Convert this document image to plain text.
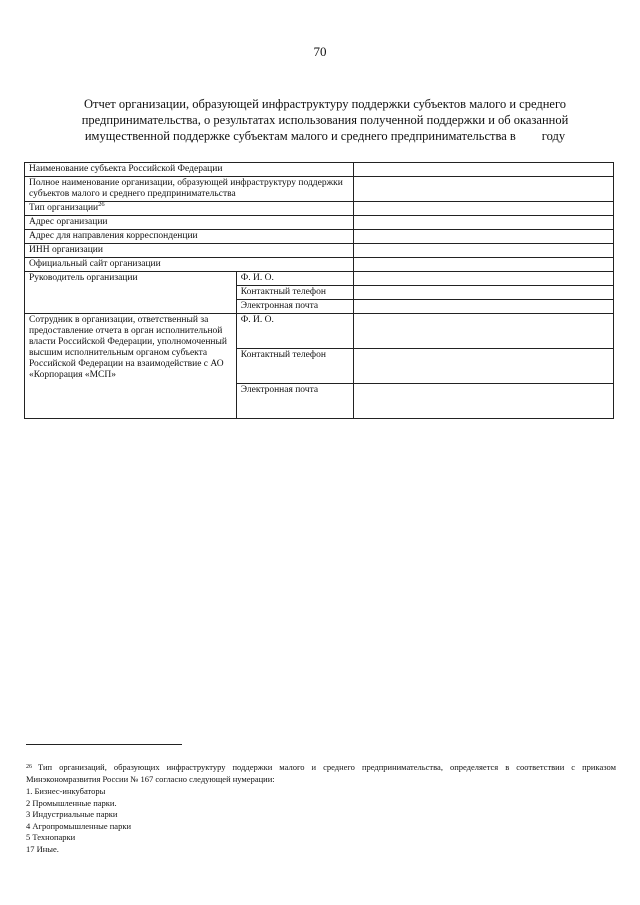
70
Отчет организации, образующей инфраструктуру поддержки субъектов малого и среднего
предпринимательства, о результатах использования полученной поддержки и об оказанной
имущественной поддержке субъектам малого и среднего предпринимательства в году
Наименование субъекта Российской Федерации		
Полное наименование организации, образующей инфраструктуру поддержки субъектов малого и среднего предпринимательства		
Тип организации$^{26}$	
Адрес организации		
Адрес для направления корреспонденции		
ИНН организации		
Официальный сайт организации		
Руководитель организации	Ф. И. О.	
	Контактный телефон	
	Электронная почта	
Сотрудник в организации, ответственный за предоставление отчета в орган исполнительной власти Российской Федерации, уполномоченный высшим исполнительным органом субъекта Российской Федерации на взаимодействие с АО «Корпорация «МСП»	Ф. И. О.	
	Контактный телефон	
	Электронная почта	
$^{26}$ Тип организаций, образующих инфраструктуру поддержки малого и среднего предпринимательства, определяется в соответствии с приказом Минэкономразвития России № 167 согласно следующей нумерации:
1. Бизнес-инкубаторы
2 Промышленные парки.
3 Индустриальные парки
4 Агропромышленные парки
5 Технопарки
17 Иные.
